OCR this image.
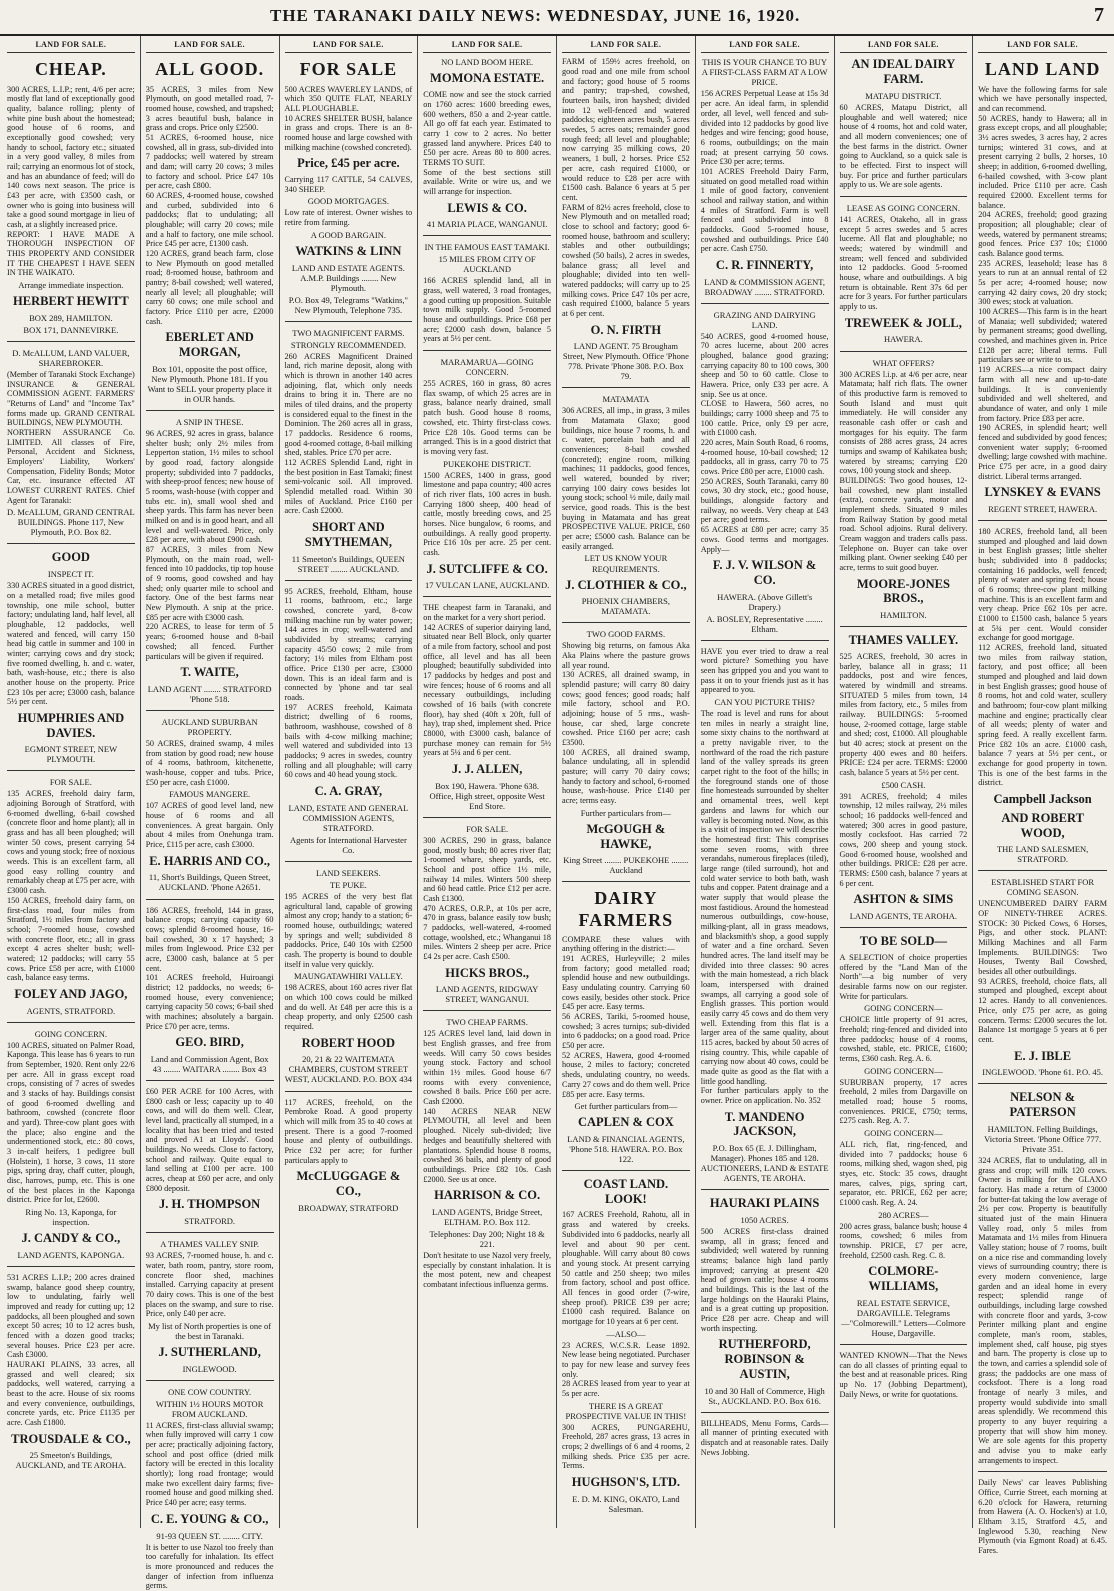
THE TARANAKI DAILY NEWS: WEDNESDAY, JUNE 16, 1920.	7
LAND FOR SALE.
CHEAP.

300 ACRES, L.I.P.; rent, 4/6 per acre; mostly flat land of exceptionally good quality, balance rolling; plenty of white pine bush about the homestead; good house of 6 rooms, and exceptionally good cowshed; very handy to school, factory etc.; situated in a very good valley, 8 miles from rail; carrying an enormous lot of stock, and has an abundance of feed; will do 140 cows next season. The price is £43 per acre, with £3500 cash, or owner who is going into business will take a good sound mortgage in lieu of cash, at a slightly increased price.

REPORT: I HAVE MADE A THOROUGH INSPECTION OF THIS PROPERTY AND CONSIDER IT THE CHEAPEST I HAVE SEEN IN THE WAIKATO.

Arrange immediate inspection.
HERBERT HEWITT
BOX 289, HAMILTON.
BOX 171, DANNEVIRKE.
D. McALLUM, LAND VALUER, SHAREBROKER.

(Member of Taranaki Stock Exchange) INSURANCE & GENERAL COMMISSION AGENT. FARMERS' "Returns of Land" and "Income Tax" forms made up. GRAND CENTRAL BUILDINGS, NEW PLYMOUTH.

NORTHERN ASSURANCE Co. LIMITED. All classes of Fire, Personal, Accident and Sickness, Employers' Liability, Workers' Compensation, Fidelity Bonds; Motor Car, etc. insurance effected AT LOWEST CURRENT RATES. Chief Agent for Taranaki:

D. McALLUM, GRAND CENTRAL BUILDINGS. Phone 117, New Plymouth, P.O. Box 82.
GOOD
INSPECT IT.

330 ACRES situated in a good district, on a metalled road; five miles good township, one mile school, butter factory; undulating land, half level, all ploughable, 12 paddocks, well watered and fenced, will carry 150 head big cattle in summer and 100 in winter; carrying cows and dry stock; five roomed dwelling, h. and c. water, bath, wash-house, etc.; there is also another house on the property. Price £23 10s per acre; £3000 cash, balance 5½ per cent.

HUMPHRIES AND DAVIES.
EGMONT STREET, NEW PLYMOUTH.
FOR SALE.

135 ACRES, freehold dairy farm, adjoining Borough of Stratford, with 6-roomed dwelling, 6-bail cowshed (concrete floor and home plant); all in grass and has all been ploughed; will winter 50 cows, present carrying 54 cows and young stock; free of noxious weeds. This is an excellent farm, all good easy rolling country and remarkably cheap at £75 per acre, with £3000 cash.

150 ACRES, freehold dairy farm, on first-class road, four miles from Stratford, 1½ miles from factory and school; 7-roomed house, cowshed with concrete floor, etc.; all in grass except 4 acres shelter bush; well-watered; 12 paddocks; will carry 55 cows. Price £58 per acre, with £1000 cash, balance easy terms.

FOLEY AND JAGO,
AGENTS, STRATFORD.
GOING CONCERN.

100 ACRES, situated on Palmer Road, Kaponga. This lease has 6 years to run from September, 1920. Rent only 22/6 per acre. All in grass except road crops, consisting of 7 acres of swedes and 3 stacks of hay. Buildings consist of good 6-roomed dwelling and bathroom, cowshed (concrete floor and yard). Three-cow plant goes with the place; also engine and the undermentioned stock, etc.: 80 cows, 3 in-calf heifers, 1 pedigree bull (Holstein), 1 horse, 3 cows, 11 store pigs, spring dray, chaff cutter, plough, disc, harrows, pump, etc. This is one of the best places in the Kaponga district. Price for lot, £2600.

Ring No. 13, Kaponga, for inspection.
J. CANDY & CO.,
LAND AGENTS, KAPONGA.

531 ACRES L.I.P.; 200 acres drained swamp, balance good sheep country, low to undulating, fairly well improved and ready for cutting up; 12 paddocks, all been ploughed and sown except 50 acres; 10 to 12 acres bush, fenced with a dozen good tracks; several houses. Price £23 per acre. Cash £3000.

HAURAKI PLAINS, 33 acres, all grassed and well cleared; six paddocks, well watered, carrying a beast to the acre. House of six rooms and every convenience, outbuildings, concrete yards, etc. Price £1135 per acre. Cash £1800.

TROUSDALE & CO.,
25 Smeeton's Buildings, AUCKLAND, and TE AROHA.
LAND FOR SALE.
ALL GOOD.

35 ACRES, 3 miles from New Plymouth, on good metalled road, 7-roomed house, cowshed, and trapshed; 3 acres beautiful bush, balance in grass and crops. Price only £2500.

51 ACRES, 6-roomed house, nice cowshed, all in grass, sub-divided into 7 paddocks; well watered by stream and dam; will carry 20 cows; 3 miles to factory and school. Price £47 10s per acre, cash £800.

60 ACRES, 4-roomed house, cowshed and curbed, subdivided into 6 paddocks; flat to undulating; all ploughable; will carry 20 cows; mile and a half to factory, one mile school. Price £45 per acre, £1300 cash.

120 ACRES, grand beach farm, close to New Plymouth on good metalled road; 8-roomed house, bathroom and pantry; 8-bail cowshed; well watered, nearly all level; all ploughable; will carry 60 cows; one mile school and factory. Price £110 per acre, £2000 cash.

EBERLET AND MORGAN,
Box 101, opposite the post office, New Plymouth. Phone 181. If you Want to SELL your property place it in OUR hands.
A SNIP IN THESE.

96 ACRES, 92 acres in grass, balance shelter bush; only 2½ miles from Lepperton station, 1½ miles to school by good road, factory alongside property; subdivided into 7 paddocks, with sheep-proof fences; new house of 5 rooms, wash-house (with copper and tubs etc. in), small wool shed and sheep yards. This farm has never been milked on and is in good heart, and all level and well-watered. Price, only £28 per acre, with about £900 cash.

87 ACRES, 3 miles from New Plymouth, on the main road, well-fenced into 10 paddocks, tip top house of 9 rooms, good cowshed and hay shed; only quarter mile to school and factory. One of the best farms near New Plymouth. A snip at the price. £85 per acre with £3000 cash.

220 ACRES, to lease for term of 5 years; 6-roomed house and 8-bail cowshed; all fenced. Further particulars will be given if required.

T. WAITE,
LAND AGENT ........ STRATFORD 'Phone 518.
AUCKLAND SUBURBAN PROPERTY.

50 ACRES, drained swamp, 4 miles from station by good road; new house of 4 rooms, bathroom, kitchenette, wash-house, copper and tubs. Price, £50 per acre, cash £1000.

FAMOUS MANGERE.

107 ACRES of good level land, new house of 6 rooms and all conveniences. A great bargain. Only about 4 miles from Onehunga tram. Price, £115 per acre, cash £3000.

E. HARRIS AND CO.,
11, Short's Buildings, Queen Street, AUCKLAND. 'Phone A2651.

186 ACRES, freehold, 144 in grass, balance crops; carrying capacity 60 cows; splendid 8-roomed house, 16-bail cowshed, 30 x 17 hayshed; 3 miles from Inglewood. Price £32 per acre, £3000 cash, balance at 5 per cent.

101 ACRES freehold, Huiroangi district; 12 paddocks, no weeds; 6-roomed house, every convenience; carrying capacity 50 cows; 6-bail shed with machines; absolutely a bargain. Price £70 per acre, terms.

GEO. BIRD,
Land and Commission Agent, Box 43 ........ WAITARA ........ Box 43

£60 PER ACRE for 100 Acres, with £800 cash or less; capacity up to 40 cows, and will do them well. Clear, level land, practically all stumped, in a locality that has been tried and tested and proved A1 at Lloyds'. Good buildings. No weeds. Close to factory, school and railway. Quite equal to land selling at £100 per acre. 100 acres, cheap at £60 per acre, and only £800 deposit.

J. H. THOMPSON
STRATFORD.
A THAMES VALLEY SNIP.

93 ACRES, 7-roomed house, h. and c. water, bath room, pantry, store room, concrete floor shed, machines installed. Carrying capacity at present 70 dairy cows. This is one of the best places on the swamp, and sure to rise. Price, only £40 per acre.

My list of North properties is one of the best in Taranaki.
J. SUTHERLAND,
INGLEWOOD.
ONE COW COUNTRY.
WITHIN 1½ HOURS MOTOR FROM AUCKLAND.

11 ACRES, first-class alluvial swamp; when fully improved will carry 1 cow per acre; practically adjoining factory, school and post office (dried milk factory will be erected in this locality shortly); long road frontage; would make two excellent dairy farms; five-roomed house and good milking shed. Price £40 per acre; easy terms.

C. E. YOUNG & CO.,
91-93 QUEEN ST. ........ CITY.

It is better to use Nazol too freely than too carefully for inhalation. Its effect is more pronounced and reduces the danger of infection from influenza germs.

LAND FOR SALE.
FOR SALE

500 ACRES WAVERLEY LANDS, of which 350 QUITE FLAT, NEARLY ALL PLOUGHABLE.

10 ACRES SHELTER BUSH, balance in grass and crops. There is an 8-roomed house and large cowshed with milking machine (cowshed concreted).

Price, £45 per acre.

Carrying 117 CATTLE, 54 CALVES, 340 SHEEP.

GOOD MORTGAGES.

Low rate of interest. Owner wishes to retire from farming.

A GOOD BARGAIN.
WATKINS & LINN
LAND AND ESTATE AGENTS. A.M.P. Buildings ........ New Plymouth.
P.O. Box 49, Telegrams "Watkins," New Plymouth, Telephone 735.
TWO MAGNIFICENT FARMS.
STRONGLY RECOMMENDED.

260 ACRES Magnificent Drained land, rich marine deposit, along with which is thrown in another 140 acres adjoining, flat, which only needs drains to bring it in. There are no miles of tiled drains, and the property is considered equal to the finest in the Dominion. The 260 acres all in grass, 17 paddocks. Residence 6 rooms, good 4-roomed cottage, 8-bail milking shed, stables. Price £70 per acre.

112 ACRES Splendid Land, right in the best position in East Tamaki; finest semi-volcanic soil. All improved. Splendid metalled road. Within 30 miles of Auckland. Price £160 per acre. Cash £2000.

SHORT AND SMYTHEMAN,
11 Smeeton's Buildings, QUEEN STREET ........ AUCKLAND.

95 ACRES, freehold, Eltham, house 11 rooms, bathroom, etc.; large cowshed, concrete yard, 8-cow milking machine run by water power; 144 acres in crop; well-watered and subdivided by streams; carrying capacity 45/50 cows; 2 mile from factory; 1½ miles from Eltham post office. Price £130 per acre, £3000 down. This is an ideal farm and is connected by 'phone and tar seal roads.

197 ACRES freehold, Kaimata district; dwelling of 6 rooms, bathroom, washhouse, cowshed of 8 bails with 4-cow milking machine; well watered and subdivided into 13 paddocks; 9 acres in swedes, country rolling and all ploughable; will carry 60 cows and 40 head young stock.

C. A. GRAY,
LAND, ESTATE AND GENERAL COMMISSION AGENTS, STRATFORD.
Agents for International Harvester Co.
LAND SEEKERS.
TE PUKE.

195 ACRES of the very best flat agricultural land, capable of growing almost any crop; handy to a station; 6-roomed house, outbuildings; watered by springs and well; subdivided 8 paddocks. Price, £40 10s with £2500 cash. The property is bound to double itself in value very quickly.

MAUNGATAWHIRI VALLEY.

198 ACRES, about 160 acres river flat on which 100 cows could be milked and do well. At £48 per acre this is a cheap property, and only £2500 cash required.

ROBERT HOOD
20, 21 & 22 WAITEMATA CHAMBERS, CUSTOM STREET WEST, AUCKLAND. P.O. BOX 434

117 ACRES, freehold, on the Pembroke Road. A good property which will milk from 35 to 40 cows at present. There is a good 7-roomed house and plenty of outbuildings. Price £32 per acre; for further particulars apply to

McCLUGGAGE & CO.,
BROADWAY, STRATFORD
LAND FOR SALE.
NO LAND BOOM HERE.
MOMONA ESTATE.

COME now and see the stock carried on 1760 acres: 1600 breeding ewes, 600 wethers, 850 a and 2-year cattle. All go off fat each year. Estimated to carry 1 cow to 2 acres. No better grassed land anywhere. Prices £40 to £50 per acre. Areas 80 to 800 acres. TERMS TO SUIT.

Some of the best sections still available. Write or wire us, and we will arrange for inspection.

LEWIS & CO.
41 MARIA PLACE, WANGANUI.
IN THE FAMOUS EAST TAMAKI.
15 MILES FROM CITY OF AUCKLAND

166 ACRES splendid land, all in grass, well watered, 3 road frontages, a good cutting up proposition. Suitable town milk supply. Good 5-roomed house and outbuildings. Price £68 per acre; £2000 cash down, balance 5 years at 5½ per cent.

MARAMARUA—GOING CONCERN.

255 ACRES, 160 in grass, 80 acres flax swamp, of which 25 acres are in grass, balance nearly drained, small patch bush. Good house 8 rooms, cowshed, etc. Thirty first-class cows. Price £28 10s. Good terms can be arranged. This is in a good district that is moving very fast.

PUKEKOHE DISTRICT.

1500 ACRES, 1400 in grass, good limestone and papa country; 400 acres of rich river flats, 100 acres in bush. Carrying 1800 sheep, 400 head of cattle, mostly breeding cows, and 25 horses. Nice bungalow, 6 rooms, and outbuildings. A really good property. Price £16 10s per acre. 25 per cent. cash.

J. SUTCLIFFE & CO.
17 VULCAN LANE, AUCKLAND.

THE cheapest farm in Taranaki, and on the market for a very short period.

142 ACRES of superior dairying land, situated near Bell Block, only quarter of a mile from factory, school and post office, all level and has all been ploughed; beautifully subdivided into 17 paddocks by hedges and post and wire fences; house of 6 rooms and all necessary outbuildings, including cowshed of 16 bails (with concrete floor), hay shed (40ft x 20ft, full of hay), trap shed, implement shed. Price £8000, with £3000 cash, balance of purchase money can remain for 5½ years at 5¼ and 6 per cent.

J. J. ALLEN,
Box 190, Hawera. 'Phone 638. Office, High street, opposite West End Store.
FOR SALE.

300 ACRES, 290 in grass, balance good, mostly bush; 80 acres river flat; 1-roomed whare, sheep yards, etc. School and post office 1½ mile, railway 14 miles. Winters 500 sheep and 60 head cattle. Price £12 per acre. Cash £1300.

470 ACRES, O.R.P., at 10s per acre, 470 in grass, balance easily tow bush; 7 paddocks, well-watered, 4-roomed cottage, woolshed, etc.; Whanganui 18 miles. Winters 2 sheep per acre. Price £4 2s per acre. Cash £500.

HICKS BROS.,
LAND AGENTS, RIDGWAY STREET, WANGANUI.
TWO CHEAP FARMS.

125 ACRES level land, laid down in best English grasses, and free from weeds. Will carry 50 cows besides young stock. Factory and school within 1½ miles. Good house 6/7 rooms with every convenience, cowshed 8 bails. Price £60 per acre. Cash £2000.

140 ACRES NEAR NEW PLYMOUTH, all level and been ploughed. Nicely sub-divided; live hedges and beautifully sheltered with plantations. Splendid house 8 rooms, cowshed 36 bails, and plenty of good outbuildings. Price £82 10s. Cash £2000. See us at once.

HARRISON & CO.
LAND AGENTS, Bridge Street, ELTHAM. P.O. Box 112.
Telephones: Day 200; Night 18 & 221.

Don't hesitate to use Nazol very freely, especially by constant inhalation. It is the most potent, new and cheapest combatant infectious influenza germs.

LAND FOR SALE.

FARM of 159½ acres freehold, on good road and one mile from school and factory; good house of 5 rooms and pantry; trap-shed, cowshed, fourteen bails, iron hayshed; divided into 12 well-fenced and watered paddocks; eighteen acres bush, 5 acres swedes, 5 acres oats; remainder good rough feed; all level and ploughable; now carrying 35 milking cows, 20 weaners, 1 bull, 2 horses. Price £52 per acre, cash required £1000, or would reduce to £28 per acre with £1500 cash. Balance 6 years at 5 per cent.

FARM of 82½ acres freehold, close to New Plymouth and on metalled road; close to school and factory; good 6-roomed house, bathroom and scullery; stables and other outbuildings; cowshed (50 bails), 2 acres in swedes, balance grass; all level and ploughable; divided into ten well-watered paddocks; will carry up to 25 milking cows. Price £47 10s per acre, cash required £1000, balance 5 years at 6 per cent.

O. N. FIRTH
LAND AGENT. 75 Brougham Street, New Plymouth. Office 'Phone 778. Private 'Phone 308. P.O. Box 79.
MATAMATA

306 ACRES, all imp., in grass, 3 miles from Matamata Glaxo; good buildings, nice house 7 rooms, h. and c. water, porcelain bath and all conveniences; 8-bail cowshed (concreted); engine room, milking machines; 11 paddocks, good fences, well watered, bounded by river; carrying 100 dairy cows besides lot young stock; school ½ mile, daily mail service, good roads. This is the best buying in Matamata and has great PROSPECTIVE VALUE. PRICE, £60 per acre; £5000 cash. Balance can be easily arranged.

LET US KNOW YOUR REQUIREMENTS.
J. CLOTHIER & CO.,
PHOENIX CHAMBERS, MATAMATA.
TWO GOOD FARMS.

Showing big returns, on famous Aka Aka Plains where the pasture grows all year round.

130 ACRES, all drained swamp, in splendid pasture; will carry 80 dairy cows; good fences; good roads; half mile factory, school and P.O. adjoining; house of 5 rms., wash-house, car shed, large concrete cowshed. Price £160 per acre; cash £3500.

100 ACRES, all drained swamp, balance undulating, all in splendid pasture; will carry 70 dairy cows; handy to factory and school, 6-roomed house, wash-house. Price £140 per acre; terms easy.

Further particulars from—
McGOUGH & HAWKE,
King Street ........ PUKEKOHE ........ Auckland
DAIRY FARMERS

COMPARE these values with anything offering in the district:—

191 ACRES, Hurleyville; 2 miles from factory; good metalled road; splendid house and new outbuildings. Easy undulating country. Carrying 60 cows easily, besides other stock. Price £45 per acre. Easy terms.

56 ACRES, Tariki, 5-roomed house, cowshed; 3 acres turnips; sub-divided into 6 paddocks; on a good road. Price £50 per acre.

52 ACRES, Hawera, good 4-roomed house, 2 miles to factory; concreted sheds, undulating country, no weeds. Carry 27 cows and do them well. Price £85 per acre. Easy terms.

Get further particulars from—
CAPLEN & COX
LAND & FINANCIAL AGENTS, 'Phone 518. HAWERA. P.O. Box 122.
COAST LAND. LOOK!

167 ACRES Freehold, Rahotu, all in grass and watered by creeks. Subdivided into 6 paddocks, nearly all level and about 90 per cent. ploughable. Will carry about 80 cows and young stock. At present carrying 50 cattle and 250 sheep; two miles from factory, school and post office. All fences in good order (7-wire, sheep proof). PRICE £39 per acre; £1000 cash required. Balance on mortgage for 10 years at 6 per cent.

—ALSO—

23 ACRES, W.C.S.R. Lease 1892. New lease being negotiated. Purchaser to pay for new lease and survey fees only.

28 ACRES leased from year to year at 5s per acre.

THERE IS A GREAT PROSPECTIVE VALUE IN THIS!

300 ACRES, PUNGAREHU, Freehold, 287 acres grass, 13 acres in crops; 2 dwellings of 6 and 4 rooms, 2 milking sheds. Price £35 per acre. Terms.

HUGHSON'S, LTD.
E. D. M. KING, OKATO, Land Salesman.
LAND FOR SALE.
THIS IS YOUR CHANCE TO BUY A FIRST-CLASS FARM AT A LOW PRICE.

156 ACRES Perpetual Lease at 15s 3d per acre. An ideal farm, in splendid order, all level, well fenced and sub-divided into 12 paddocks by good live hedges and wire fencing; good house, 6 rooms, outbuildings; on the main road; at present carrying 50 cows. Price £30 per acre; terms.

101 ACRES Freehold Dairy Farm, situated on good metalled road within 1 mile of good factory, convenient school and railway station, and within 4 miles of Stratford. Farm is well fenced and subdivided into 8 paddocks. Good 5-roomed house, cowshed and outbuildings. Price £40 per acre. Cash £750.

C. R. FINNERTY,
LAND & COMMISSION AGENT, BROADWAY ........ STRATFORD.
GRAZING AND DAIRYING LAND.

540 ACRES, good 4-roomed house, 70 acres lucerne, about 200 acres ploughed, balance good grazing; carrying capacity 80 to 100 cows, 300 sheep and 50 to 60 cattle. Close to Hawera. Price, only £33 per acre. A snip. See us at once.

CLOSE to Hawera, 560 acres, no buildings; carry 1000 sheep and 75 to 100 cattle. Price, only £9 per acre, with £1000 cash.

220 acres, Main South Road, 6 rooms, 4-roomed house, 10-bail cowshed; 12 paddocks, all in grass, carry 70 to 75 cows. Price £80 per acre, £1000 cash.

250 ACRES, South Taranaki, carry 80 cows, 30 dry stock, etc.; good house, buildings, alongside factory and railway, no weeds. Very cheap at £43 per acre; good terms.

65 ACRES at £80 per acre; carry 35 cows. Good terms and mortgages. Apply—

F. J. V. WILSON & CO.
HAWERA. (Above Gillett's Drapery.)
A. BOSLEY, Representative ........ Eltham.

HAVE you ever tried to draw a real word picture? Something you have seen has gripped you and you want to pass it on to your friends just as it has appeared to you.

CAN YOU PICTURE THIS?

The road is level and runs for about ten miles in nearly a straight line, some sixty chains to the northward at a pretty navigable river, to the northward of the road the rich pasture land of the valley spreads its green carpet right to the foot of the hills; in the foreground stands one of those fine homesteads surrounded by shelter and ornamental trees, well kept gardens and lawns for which our valley is becoming noted. Now, as this is a visit of inspection we will describe the homestead first: This comprises some seven rooms, with three verandahs, numerous fireplaces (tiled), large range (tiled surround), hot and cold water service to both bath, wash tubs and copper. Patent drainage and a water supply that would please the most fastidious. Around the homestead numerous outbuildings, cow-house, milking-plant, all in grass meadows, and blacksmith's shop, a good supply of water and a fine orchard. Seven hundred acres. The land itself may be divided into three classes: 90 acres with the main homestead, a rich black loam, interspersed with drained swamps, all carrying a good sole of English grasses. This portion would easily carry 45 cows and do them very well. Extending from this flat is a larger area of the same quality, about 115 acres, backed by about 50 acres of rising country. This, while capable of carrying now about 40 cows, could be made quite as good as the flat with a little good handling.

For further particulars apply to the owner. Price on application. No. 352

T. MANDENO JACKSON,
P.O. Box 65 (E. J. Dillingham, Manager). Phones 185 and 128. AUCTIONEERS, LAND & ESTATE AGENTS, TE AROHA.
HAURAKI PLAINS
1050 ACRES.

500 ACRES first-class drained swamp, all in grass; fenced and subdivided; well watered by running streams; balance high land partly improved; carrying at present 420 head of grown cattle; house 4 rooms and buildings. This is the last of the large holdings on the Hauraki Plains, and is a great cutting up proposition. Price £28 per acre. Cheap and will worth inspecting.

RUTHERFORD, ROBINSON & AUSTIN,
10 and 30 Hall of Commerce, High St., AUCKLAND. P.O. Box 616.

BILLHEADS, Menu Forms, Cards—all manner of printing executed with dispatch and at reasonable rates. Daily News Jobbing.

LAND FOR SALE.
AN IDEAL DAIRY FARM.
MATAPU DISTRICT.

60 ACRES, Matapu District, all ploughable and well watered; nice house of 4 rooms, hot and cold water, and all modern conveniences; one of the best farms in the district. Owner going to Auckland, so a quick sale is to be effected. First to inspect will buy. For price and further particulars apply to us. We are sole agents.

LEASE AS GOING CONCERN.

141 ACRES, Otakeho, all in grass except 5 acres swedes and 5 acres lucerne. All flat and ploughable; no weeds; watered by windmill and stream; well fenced and subdivided into 12 paddocks. Good 5-roomed house, whare and outbuildings. A big return is obtainable. Rent 37s 6d per acre for 3 years. For further particulars apply to us.

TREWEEK & JOLL,
HAWERA.
WHAT OFFERS?

300 ACRES l.i.p. at 4/6 per acre, near Matamata; half rich flats. The owner of this productive farm is removed to South Island and must quit immediately. He will consider any reasonable cash offer or cash and mortgages for his equity. The farm consists of 288 acres grass, 24 acres turnips and swamp of Kahikatea bush; watered by streams; carrying £20 cows, 100 young stock and sheep.

BUILDINGS: Two good houses, 12-bail cowshed, new plant installed (extra), concrete yards, motor and implement sheds. Situated 9 miles from Railway Station by good metal road. School adjoins. Rural delivery. Cream waggon and traders calls pass. Telephone on. Buyer can take over milking plant. Owner seeking £40 per acre, terms to suit good buyer.

MOORE-JONES BROS.,
HAMILTON.
THAMES VALLEY.

525 ACRES, freehold, 30 acres in barley, balance all in grass; 11 paddocks, post and wire fences, watered by windmill and streams. SITUATED 5 miles from town, 14 miles from factory, etc., 5 miles from railway. BUILDINGS: 5-roomed house, 2-roomed cottage, large stable and shed; cost, £1000. All ploughable but 40 acres; stock at present on the property 400 ewes and 80 heifers. PRICE: £24 per acre. TERMS: £2000 cash, balance 5 years at 5½ per cent.

£500 CASH.

391 ACRES, freehold; 4 miles township, 12 miles railway, 2½ miles school; 16 paddocks well-fenced and watered; 300 acres in good pasture, mostly cocksfoot. Has carried 72 cows, 200 sheep and young stock. Good 6-roomed house, woolshed and other buildings. PRICE: £28 per acre. TERMS: £500 cash, balance 7 years at 6 per cent.

ASHTON & SIMS
LAND AGENTS, TE AROHA.
TO BE SOLD—

A SELECTION of choice properties offered by the "Land Man of the North"—a big number of very desirable farms now on our register. Write for particulars.

GOING CONCERN—

CHOICE little property of 91 acres, freehold; ring-fenced and divided into three paddocks; house of 4 rooms, cowshed, stable, etc. PRICE, £1600; terms, £360 cash. Reg. A. 6.

GOING CONCERN—

SUBURBAN property, 17 acres freehold, 2 miles from Dargaville on metalled road; house 5 rooms, conveniences. PRICE, £750; terms, £275 cash. Reg. A. 7.

GOING CONCERN—

ALL rich, flat, ring-fenced, and divided into 7 paddocks; house 6 rooms, milking shed, wagon shed, pig styes, etc. Stock: 35 cows, draught mares, calves, pigs, spring cart, separator, etc. PRICE, £62 per acre; £1000 cash. Reg. A. 24.

280 ACRES—

200 acres grass, balance bush; house 4 rooms, cowshed; 6 miles from township. PRICE, £7 per acre, freehold, £2500 cash. Reg. C. 8.

COLMORE-WILLIAMS,
REAL ESTATE SERVICE, DARGAVILLE. Telegrams—"Colmorewill." Letters—Colmore House, Dargaville.

WANTED KNOWN—That the News can do all classes of printing equal to the best and at reasonable prices. Ring up No. 17 (Jobbing Department), Daily News, or write for quotations.

LAND FOR SALE.
LAND LAND

We have the following farms for sale which we have personally inspected, and can recommend.

50 ACRES, handy to Hawera; all in grass except crops, and all ploughable; 3½ acres swedes, 3 acres hay, 2 acres turnips; wintered 31 cows, and at present carrying 2 bulls, 2 horses, 10 sheep; in addition, 6-roomed dwelling, 6-bailed cowshed, with 3-cow plant included. Price £110 per acre. Cash required £2000. Excellent terms for balance.

204 ACRES, freehold; good grazing proposition; all ploughable; clear of weeds, watered by permanent streams; good fences. Price £37 10s; £1000 cash. Balance good terms.

235 ACRES, leasehold; lease has 8 years to run at an annual rental of £2 5s per acre; 4-roomed house; now carrying 42 dairy cows, 20 dry stock; 300 ewes; stock at valuation.

100 ACRES—This farm is in the heart of Manaia; well subdivided; watered by permanent streams; good dwelling, cowshed, and machines given in. Price £128 per acre; liberal terms. Full particulars see or write to us.

119 ACRES—a nice compact dairy farm with all new and up-to-date buildings. It is conveniently subdivided and well sheltered, and abundance of water, and only 1 mile from factory. Price £83 per acre.

190 ACRES, in splendid heart; well fenced and subdivided by good fences; convenient water supply; 6-roomed dwelling; large cowshed with machine. Price £75 per acre, in a good dairy district. Liberal terms arranged.

LYNSKEY & EVANS
REGENT STREET, HAWERA.

180 ACRES, freehold land, all been stumped and ploughed and laid down in best English grasses; little shelter bush; subdivided into 8 paddocks; containing 16 paddocks, well fenced; plenty of water and spring feed; house of 6 rooms; three-cow plant milking machine. This is an excellent farm and very cheap. Price £62 10s per acre. £1000 to £1500 cash, balance 5 years at 5¾ per cent. Would consider exchange for good mortgage.

112 ACRES, freehold land, situated two miles from railway station, factory, and post office; all been stumped and ploughed and laid down in best English grasses; good house of 8 rooms, hot and cold water, scullery and bathroom; four-cow plant milking machine and engine; practically clear of all weeds; plenty of water and spring feed. A really excellent farm. Price £82 10s an acre. £1000 cash, balance 7 years at 5½ per cent., or exchange for good property in town. This is one of the best farms in the district.

Campbell Jackson
AND ROBERT WOOD,
THE LAND SALESMEN, STRATFORD.
ESTABLISHED START FOR COMING SEASON.

UNENCUMBERED DAIRY FARM OF NINETY-THREE ACRES. STOCK: 30 Picked Cows, 6 Horses, Pigs, and other stock. PLANT: Milking Machines and all Farm Implements. BUILDINGS: Two Houses, Twenty Bail Cowshed, besides all other outbuildings.

93 ACRES, freehold, choice flats, all stumped and ploughed, except about 12 acres. Handy to all conveniences. Price, only £75 per acre, as going concern. Terms: £2000 secures the lot. Balance 1st mortgage 5 years at 6 per cent.

E. J. IBLE
INGLEWOOD. 'Phone 61. P.O. 45.
NELSON & PATERSON
HAMILTON. Felling Buildings, Victoria Street. 'Phone Office 777. Private 351.

324 ACRES, flat to undulating, all in grass and crop; will milk 120 cows. Owner is milking for the GLAXO factory. Has made a return of £3000 for butter-fat taking the low average of 2½ per cow. Property is beautifully situated just of the main Hinuera Valley road, only 5 miles from Matamata and 1½ miles from Hinuera Valley station; house of 7 rooms, built on a nice rise and commanding lovely views of surrounding country; there is every modern convenience, large garden and an ideal home in every respect; splendid range of outbuildings, including large cowshed with concrete floor and yards, 3-cow Perinter milking plant and engine complete, man's room, stables, implement shed, calf house, pig styes and barn. The property is close up to the town, and carries a splendid sole of grass; the paddocks are one mass of cocksfoot. There is a long road frontage of nearly 3 miles, and property would subdivide into small areas splendidly. We recommend this property to any buyer requiring a property that will show him money. We are sole agents for this property and advise you to make early arrangements to inspect.

Daily News' car leaves Publishing Office, Currie Street, each morning at 6.20 o'clock for Hawera, returning from Hawera (A. O. Hocken's) at 1.0, Eltham 3.15, Stratford 4.5, and Inglewood 5.30, reaching New Plymouth (via Egmont Road) at 6.45. Fares.
